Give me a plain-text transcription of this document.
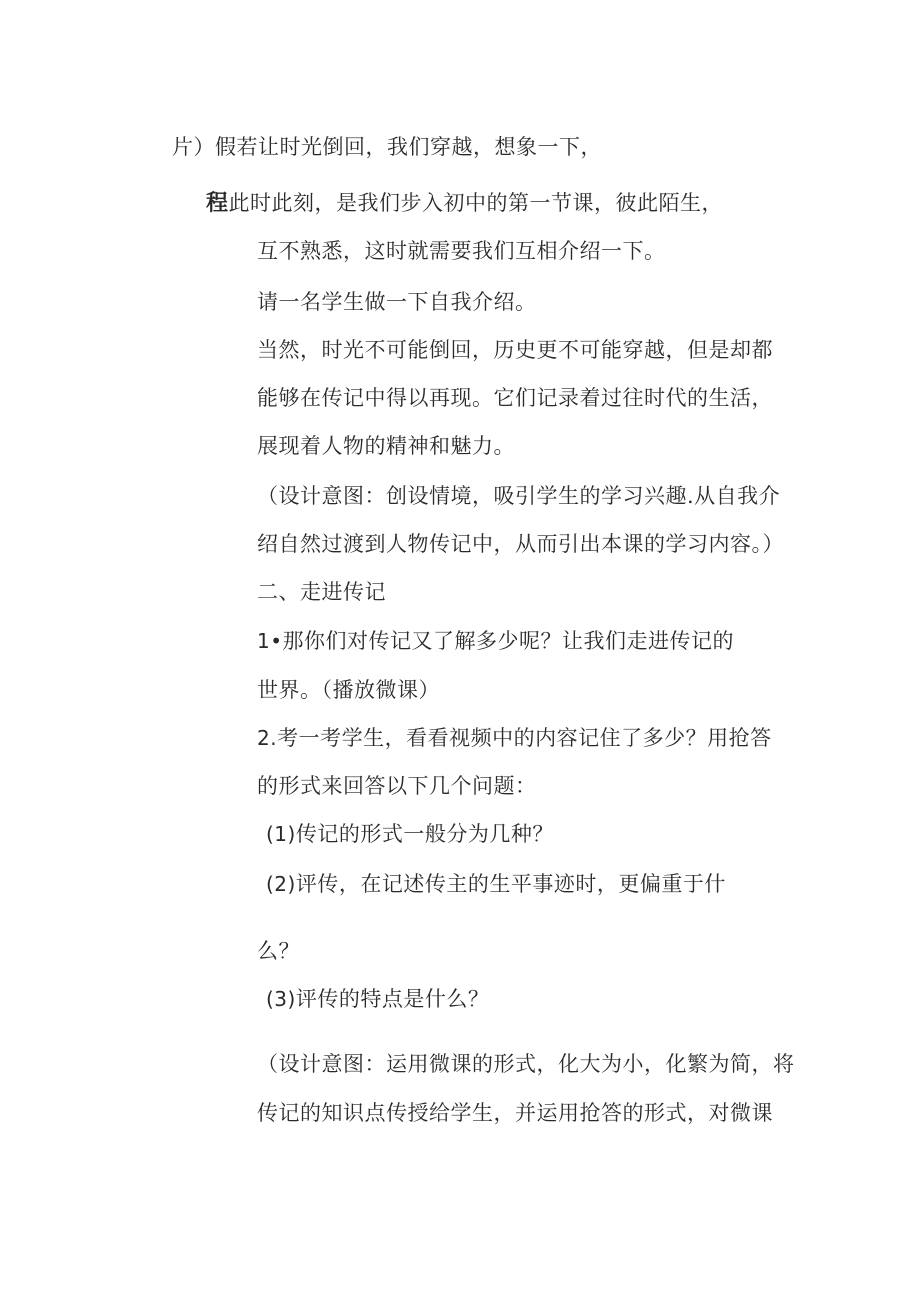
片）假若让时光倒回，我们穿越，想象一下，
程此时此刻，是我们步入初中的第一节课，彼此陌生，
互不熟悉，这时就需要我们互相介绍一下。
请一名学生做一下自我介绍。
当然，时光不可能倒回，历史更不可能穿越，但是却都
能够在传记中得以再现。它们记录着过往时代的生活，
展现着人物的精神和魅力。
（设计意图：创设情境，吸引学生的学习兴趣.从自我介
绍自然过渡到人物传记中，从而引出本课的学习内容。）
二、走进传记
1•那你们对传记又了解多少呢？让我们走进传记的
世界。（播放微课）
2.考一考学生，看看视频中的内容记住了多少？用抢答
的形式来回答以下几个问题：
(1)传记的形式一般分为几种？
(2)评传，在记述传主的生平事迹时，更偏重于什
么？
(3)评传的特点是什么？
（设计意图：运用微课的形式，化大为小，化繁为简，将
传记的知识点传授给学生，并运用抢答的形式，对微课
